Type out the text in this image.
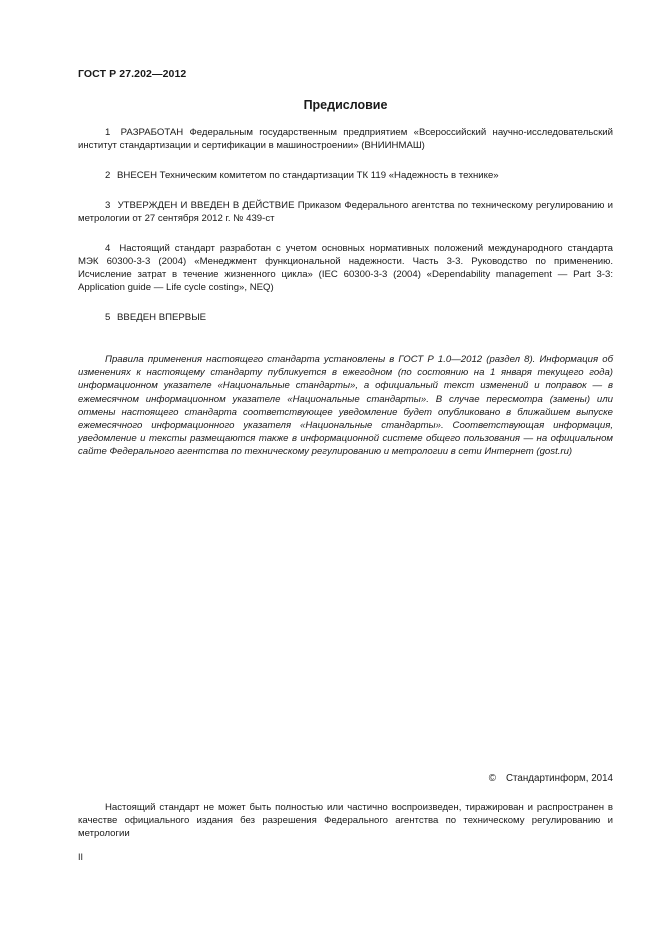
ГОСТ Р 27.202—2012
Предисловие

1 РАЗРАБОТАН Федеральным государственным предприятием «Всероссийский научно-исследовательский институт стандартизации и сертификации в машиностроении» (ВНИИНМАШ)

2 ВНЕСЕН Техническим комитетом по стандартизации ТК 119 «Надежность в технике»

3 УТВЕРЖДЕН И ВВЕДЕН В ДЕЙСТВИЕ Приказом Федерального агентства по техническому регулированию и метрологии от 27 сентября 2012 г. № 439-ст

4 Настоящий стандарт разработан с учетом основных нормативных положений международного стандарта МЭК 60300-3-3 (2004) «Менеджмент функциональной надежности. Часть 3-3. Руководство по применению. Исчисление затрат в течение жизненного цикла» (IEC 60300-3-3 (2004) «Dependability management — Part 3-3: Application guide — Life cycle costing», NEQ)

5 ВВЕДЕН ВПЕРВЫЕ

Правила применения настоящего стандарта установлены в ГОСТ Р 1.0—2012 (раздел 8). Информация об изменениях к настоящему стандарту публикуется в ежегодном (по состоянию на 1 января текущего года) информационном указателе «Национальные стандарты», а официальный текст изменений и поправок — в ежемесячном информационном указателе «Национальные стандарты». В случае пересмотра (замены) или отмены настоящего стандарта соответствующее уведомление будет опубликовано в ближайшем выпуске ежемесячного информационного указателя «Национальные стандарты». Соответствующая информация, уведомление и тексты размещаются также в информационной системе общего пользования — на официальном сайте Федерального агентства по техническому регулированию и метрологии в сети Интернет (gost.ru)

© Стандартинформ, 2014

Настоящий стандарт не может быть полностью или частично воспроизведен, тиражирован и распространен в качестве официального издания без разрешения Федерального агентства по техническому регулированию и метрологии

II
